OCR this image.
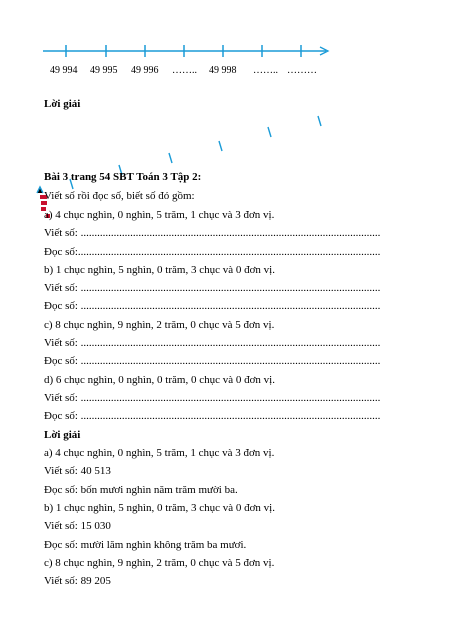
49 994 49 995 49 996 …….. 49 998 …….. ………
Lời giải
Bài 3 trang 54 SBT Toán 3 Tập 2:
Viết số rồi đọc số, biết số đó gồm:
a) 4 chục nghìn, 0 nghìn, 5 trăm, 1 chục và 3 đơn vị.
Viết số: .............................................................................................................
Đọc số:..............................................................................................................
b) 1 chục nghìn, 5 nghìn, 0 trăm, 3 chục và 0 đơn vị.
Viết số: .............................................................................................................
Đọc số: .............................................................................................................
c) 8 chục nghìn, 9 nghìn, 2 trăm, 0 chục và 5 đơn vị.
Viết số: .............................................................................................................
Đọc số: .............................................................................................................
d) 6 chục nghìn, 0 nghìn, 0 trăm, 0 chục và 0 đơn vị.
Viết số: .............................................................................................................
Đọc số: .............................................................................................................
Lời giải
a) 4 chục nghìn, 0 nghìn, 5 trăm, 1 chục và 3 đơn vị.
Viết số: 40 513
Đọc số: bốn mươi nghìn năm trăm mười ba.
b) 1 chục nghìn, 5 nghìn, 0 trăm, 3 chục và 0 đơn vị.
Viết số: 15 030
Đọc số: mười lăm nghìn không trăm ba mươi.
c) 8 chục nghìn, 9 nghìn, 2 trăm, 0 chục và 5 đơn vị.
Viết số: 89 205
